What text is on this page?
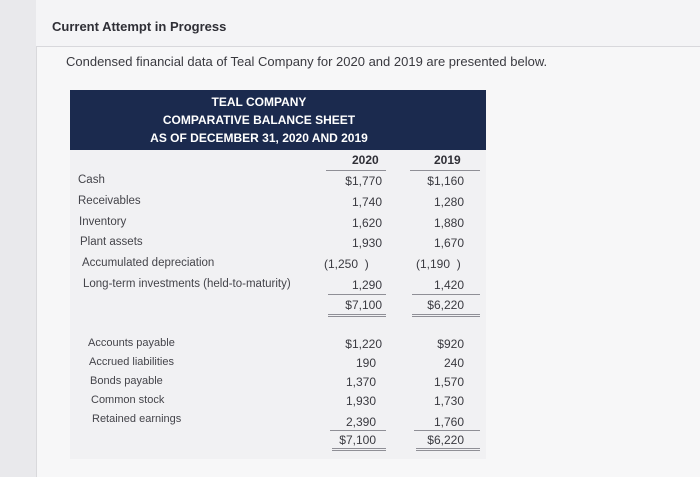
Current Attempt in Progress
Condensed financial data of Teal Company for 2020 and 2019 are presented below.
TEAL COMPANY
COMPARATIVE BALANCE SHEET
AS OF DECEMBER 31, 2020 AND 2019
2020	2019
Cash	$1,770	$1,160
Receivables	1,740	1,280
Inventory	1,620	1,880
Plant assets	1,930	1,670
Accumulated depreciation	(1,250  )	(1,190  )
Long-term investments (held-to-maturity)	1,290	1,420
$7,100	$6,220
Accounts payable	$1,220	$920
Accrued liabilities	190	240
Bonds payable	1,370	1,570
Common stock	1,930	1,730
Retained earnings	2,390	1,760
$7,100	$6,220
